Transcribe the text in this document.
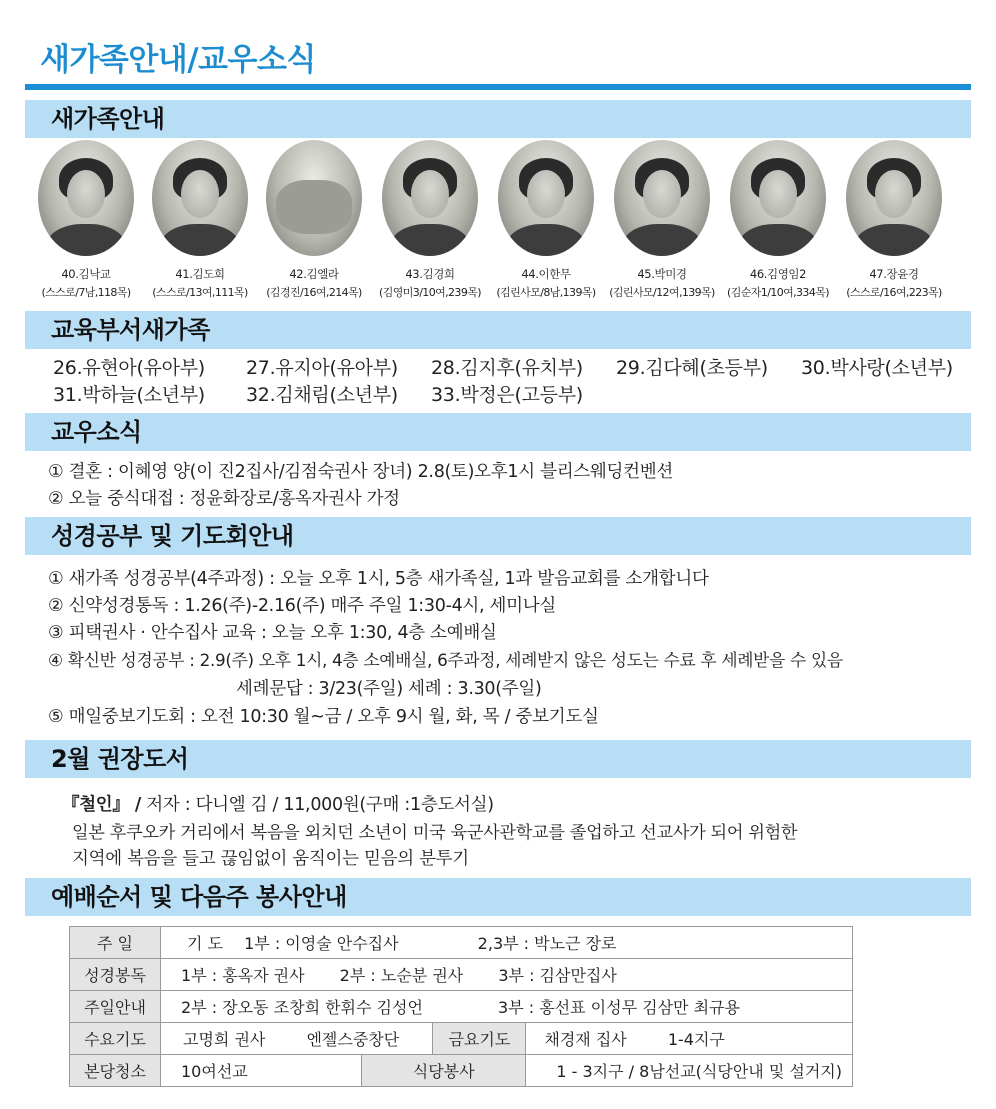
새가족안내/교우소식
새가족안내
40.김낙교
(스스로/7남,118목)
41.김도희
(스스로/13여,111목)
42.김엘라
(김경진/16여,214목)
43.김경희
(김영미3/10여,239목)
44.이한무
(김린사모/8남,139목)
45.박미경
(김린사모/12여,139목)
46.김영임2
(김순자1/10여,334목)
47.장윤경
(스스로/16여,223목)
교육부서새가족
26.유현아(유아부) 27.유지아(유아부) 28.김지후(유치부) 29.김다혜(초등부) 30.박사랑(소년부)
31.박하늘(소년부) 32.김채림(소년부) 33.박정은(고등부)
교우소식
① 결혼 : 이혜영 양(이 진2집사/김점숙권사 장녀) 2.8(토)오후1시 블리스웨딩컨벤션
② 오늘 중식대접 : 정윤화장로/홍옥자권사 가정
성경공부 및 기도회안내
① 새가족 성경공부(4주과정) : 오늘 오후 1시, 5층 새가족실, 1과 발음교회를 소개합니다
② 신약성경통독 : 1.26(주)-2.16(주) 매주 주일 1:30-4시, 세미나실
③ 피택권사 · 안수집사 교육 : 오늘 오후 1:30, 4층 소예배실
④ 확신반 성경공부 : 2.9(주) 오후 1시, 4층 소예배실, 6주과정, 세례받지 않은 성도는 수료 후 세례받을 수 있음
세례문답 : 3/23(주일) 세례 : 3.30(주일)
⑤ 매일중보기도회 : 오전 10:30 월~금 / 오후 9시 월, 화, 목 / 중보기도실
2월 권장도서
『철인』 / 저자 : 다니엘 김 / 11,000원(구매 :1층도서실)
일본 후쿠오카 거리에서 복음을 외치던 소년이 미국 육군사관학교를 졸업하고 선교사가 되어 위험한
지역에 복음을 들고 끊임없이 움직이는 믿음의 분투기
예배순서 및 다음주 봉사안내
주 일	기 도 1부 : 이영술 안수집사 2,3부 : 박노근 장로			
성경봉독	1부 : 홍옥자 권사 2부 : 노순분 권사 3부 : 김삼만집사			
주일안내	2부 : 장오동 조창희 한휘수 김성언 3부 : 홍선표 이성무 김삼만 최규용			
수요기도	고명희 권사 엔젤스중창단		금요기도	채경재 집사 1-4지구
본당청소	10여선교	식당봉사		1 - 3지구 / 8남선교(식당안내 및 설거지)
